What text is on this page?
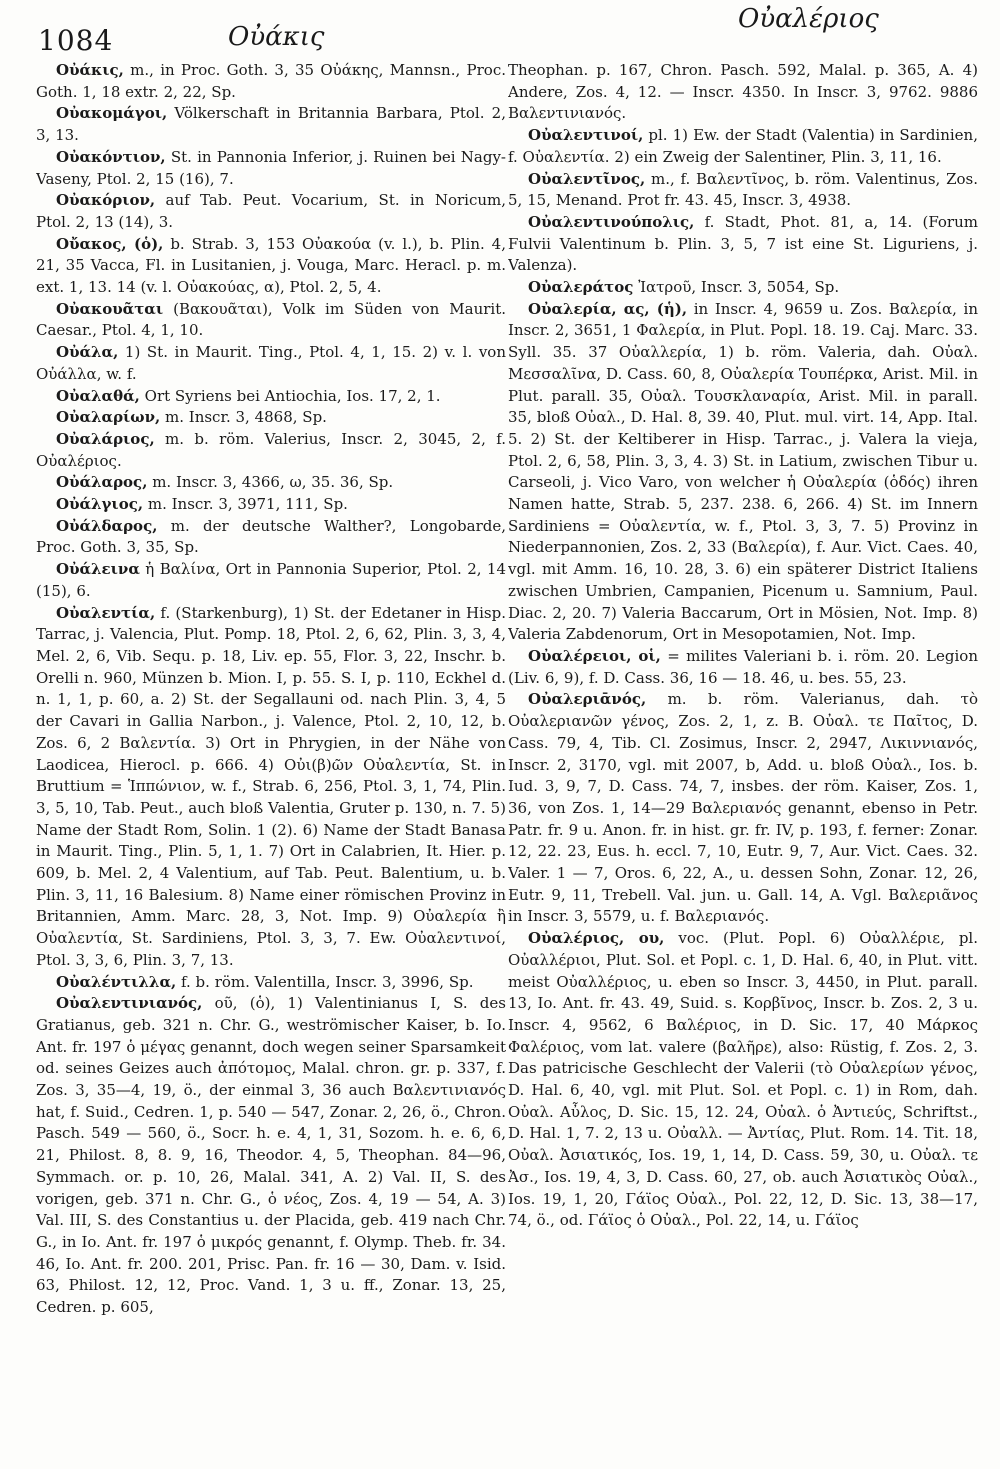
1084	Οὐάκις
Οὐαλέριος

Οὐάκις, m., in Proc. Goth. 3, 35 Οὐάκης, Mannsn., Proc. Goth. 1, 18 extr. 2, 22, Sp.

Οὐακομάγοι, Völkerschaft in Britannia Barbara, Ptol. 2, 3, 13.

Οὐακόντιον, St. in Pannonia Inferior, j. Ruinen bei Nagy-Vaseny, Ptol. 2, 15 (16), 7.

Οὐακόριον, auf Tab. Peut. Vocarium, St. in Noricum, Ptol. 2, 13 (14), 3.

Οὔακος, (ὁ), b. Strab. 3, 153 Οὐακούα (v. l.), b. Plin. 4, 21, 35 Vacca, Fl. in Lusitanien, j. Vouga, Marc. Heracl. p. m. ext. 1, 13. 14 (v. l. Οὐακούας, α), Ptol. 2, 5, 4.

Οὐακουᾶται (Βακουᾶται), Volk im Süden von Maurit. Caesar., Ptol. 4, 1, 10.

Οὐάλα, 1) St. in Maurit. Ting., Ptol. 4, 1, 15. 2) v. l. von Οὐάλλα, w. f.

Οὐαλαθά, Ort Syriens bei Antiochia, Ios. 17, 2, 1.

Οὐαλαρίων, m. Inscr. 3, 4868, Sp.

Οὐαλάριος, m. b. röm. Valerius, Inscr. 2, 3045, 2, f. Οὐαλέριος.

Οὐάλαρος, m. Inscr. 3, 4366, ω, 35. 36, Sp.

Οὐάλγιος, m. Inscr. 3, 3971, 111, Sp.

Οὐάλδαρος, m. der deutsche Walther?, Longobarde, Proc. Goth. 3, 35, Sp.

Οὐάλεινα ἡ Βαλίνα, Ort in Pannonia Superior, Ptol. 2, 14 (15), 6.

Οὐαλεντία, f. (Starkenburg), 1) St. der Edetaner in Hisp. Tarrac, j. Valencia, Plut. Pomp. 18, Ptol. 2, 6, 62, Plin. 3, 3, 4, Mel. 2, 6, Vib. Sequ. p. 18, Liv. ep. 55, Flor. 3, 22, Inschr. b. Orelli n. 960, Münzen b. Mion. I, p. 55. S. I, p. 110, Eckhel d. n. 1, 1, p. 60, a. 2) St. der Segallauni od. nach Plin. 3, 4, 5 der Cavari in Gallia Narbon., j. Valence, Ptol. 2, 10, 12, b. Zos. 6, 2 Βαλεντία. 3) Ort in Phrygien, in der Nähe von Laodicea, Hierocl. p. 666. 4) Οὐι(β)ῶν Οὐαλεντία, St. in Bruttium = Ἱππώνιον, w. f., Strab. 6, 256, Ptol. 3, 1, 74, Plin. 3, 5, 10, Tab. Peut., auch bloß Valentia, Gruter p. 130, n. 7. 5) Name der Stadt Rom, Solin. 1 (2). 6) Name der Stadt Banasa in Maurit. Ting., Plin. 5, 1, 1. 7) Ort in Calabrien, It. Hier. p. 609, b. Mel. 2, 4 Valentium, auf Tab. Peut. Balentium, u. b. Plin. 3, 11, 16 Balesium. 8) Name einer römischen Provinz in Britannien, Amm. Marc. 28, 3, Not. Imp. 9) Οὐαλερία ἢ Οὐαλεντία, St. Sardiniens, Ptol. 3, 3, 7. Ew. Οὐαλεντινοί, Ptol. 3, 3, 6, Plin. 3, 7, 13.

Οὐαλέντιλλα, f. b. röm. Valentilla, Inscr. 3, 3996, Sp.

Οὐαλεντινιανός, οῦ, (ὁ), 1) Valentinianus I, S. des Gratianus, geb. 321 n. Chr. G., weströmischer Kaiser, b. Io. Ant. fr. 197 ὁ μέγας genannt, doch wegen seiner Sparsamkeit od. seines Geizes auch ἀπότομος, Malal. chron. gr. p. 337, f. Zos. 3, 35—4, 19, ö., der einmal 3, 36 auch Βαλεντινιανός hat, f. Suid., Cedren. 1, p. 540 — 547, Zonar. 2, 26, ö., Chron. Pasch. 549 — 560, ö., Socr. h. e. 4, 1, 31, Sozom. h. e. 6, 6, 21, Philost. 8, 8. 9, 16, Theodor. 4, 5, Theophan. 84—96, Symmach. or. p. 10, 26, Malal. 341, A. 2) Val. II, S. des vorigen, geb. 371 n. Chr. G., ὁ νέος, Zos. 4, 19 — 54, A. 3) Val. III, S. des Constantius u. der Placida, geb. 419 nach Chr. G., in Io. Ant. fr. 197 ὁ μικρός genannt, f. Olymp. Theb. fr. 34. 46, Io. Ant. fr. 200. 201, Prisc. Pan. fr. 16 — 30, Dam. v. Isid. 63, Philost. 12, 12, Proc. Vand. 1, 3 u. ff., Zonar. 13, 25, Cedren. p. 605,

Theophan. p. 167, Chron. Pasch. 592, Malal. p. 365, A. 4) Andere, Zos. 4, 12. — Inscr. 4350. In Inscr. 3, 9762. 9886 Βαλεντινιανός.

Οὐαλεντινοί, pl. 1) Ew. der Stadt (Valentia) in Sardinien, f. Οὐαλεντία. 2) ein Zweig der Salentiner, Plin. 3, 11, 16.

Οὐαλεντῖνος, m., f. Βαλεντῖνος, b. röm. Valentinus, Zos. 5, 15, Menand. Prot fr. 43. 45, Inscr. 3, 4938.

Οὐαλεντινούπολις, f. Stadt, Phot. 81, a, 14. (Forum Fulvii Valentinum b. Plin. 3, 5, 7 ist eine St. Liguriens, j. Valenza).

Οὐαλεράτος Ἰατροῦ, Inscr. 3, 5054, Sp.

Οὐαλερία, ας, (ἡ), in Inscr. 4, 9659 u. Zos. Βαλερία, in Inscr. 2, 3651, 1 Φαλερία, in Plut. Popl. 18. 19. Caj. Marc. 33. Syll. 35. 37 Οὐαλλερία, 1) b. röm. Valeria, dah. Οὐαλ. Μεσσαλῖνα, D. Cass. 60, 8, Οὐαλερία Τουπέρκα, Arist. Mil. in Plut. parall. 35, Οὐαλ. Τουσκλαναρία, Arist. Mil. in parall. 35, bloß Οὐαλ., D. Hal. 8, 39. 40, Plut. mul. virt. 14, App. Ital. 5. 2) St. der Keltiberer in Hisp. Tarrac., j. Valera la vieja, Ptol. 2, 6, 58, Plin. 3, 3, 4. 3) St. in Latium, zwischen Tibur u. Carseoli, j. Vico Varo, von welcher ἡ Οὐαλερία (ὁδός) ihren Namen hatte, Strab. 5, 237. 238. 6, 266. 4) St. im Innern Sardiniens = Οὐαλεντία, w. f., Ptol. 3, 3, 7. 5) Provinz in Niederpannonien, Zos. 2, 33 (Βαλερία), f. Aur. Vict. Caes. 40, vgl. mit Amm. 16, 10. 28, 3. 6) ein späterer District Italiens zwischen Umbrien, Campanien, Picenum u. Samnium, Paul. Diac. 2, 20. 7) Valeria Baccarum, Ort in Mösien, Not. Imp. 8) Valeria Zabdenorum, Ort in Mesopotamien, Not. Imp.

Οὐαλέρειοι, οἱ, = milites Valeriani b. i. röm. 20. Legion (Liv. 6, 9), f. D. Cass. 36, 16 — 18. 46, u. bes. 55, 23.

Οὐαλεριᾱνός, m. b. röm. Valerianus, dah. τὸ Οὐαλεριανῶν γένος, Zos. 2, 1, z. B. Οὐαλ. τε Παῖτος, D. Cass. 79, 4, Tib. Cl. Zosimus, Inscr. 2, 2947, Λικιννιανός, Inscr. 2, 3170, vgl. mit 2007, b, Add. u. bloß Οὐαλ., Ios. b. Iud. 3, 9, 7, D. Cass. 74, 7, insbes. der röm. Kaiser, Zos. 1, 36, von Zos. 1, 14—29 Βαλεριανός genannt, ebenso in Petr. Patr. fr. 9 u. Anon. fr. in hist. gr. fr. IV, p. 193, f. ferner: Zonar. 12, 22. 23, Eus. h. eccl. 7, 10, Eutr. 9, 7, Aur. Vict. Caes. 32. Valer. 1 — 7, Oros. 6, 22, A., u. dessen Sohn, Zonar. 12, 26, Eutr. 9, 11, Trebell. Val. jun. u. Gall. 14, A. Vgl. Βαλεριᾶνος in Inscr. 3, 5579, u. f. Βαλεριανός.

Οὐαλέριος, ου, voc. (Plut. Popl. 6) Οὐαλλέριε, pl. Οὐαλλέριοι, Plut. Sol. et Popl. c. 1, D. Hal. 6, 40, in Plut. vitt. meist Οὐαλλέριος, u. eben so Inscr. 3, 4450, in Plut. parall. 13, Io. Ant. fr. 43. 49, Suid. s. Κορβῖνος, Inscr. b. Zos. 2, 3 u. Inscr. 4, 9562, 6 Βαλέριος, in D. Sic. 17, 40 Μάρκος Φαλέριος, vom lat. valere (βαλῆρε), also: Rüstig, f. Zos. 2, 3. Das patricische Geschlecht der Valerii (τὸ Οὐαλερίων γένος, D. Hal. 6, 40, vgl. mit Plut. Sol. et Popl. c. 1) in Rom, dah. Οὐαλ. Αὖλος, D. Sic. 15, 12. 24, Οὐαλ. ὁ Ἀντιεύς, Schriftst., D. Hal. 1, 7. 2, 13 u. Οὐαλλ. — Ἀντίας, Plut. Rom. 14. Tit. 18, Οὐαλ. Ἀσιατικός, Ios. 19, 1, 14, D. Cass. 59, 30, u. Οὐαλ. τε Ἀσ., Ios. 19, 4, 3, D. Cass. 60, 27, ob. auch Ἀσιατικὸς Οὐαλ., Ios. 19, 1, 20, Γάϊος Οὐαλ., Pol. 22, 12, D. Sic. 13, 38—17, 74, ö., od. Γάϊος ὁ Οὐαλ., Pol. 22, 14, u. Γάϊος
